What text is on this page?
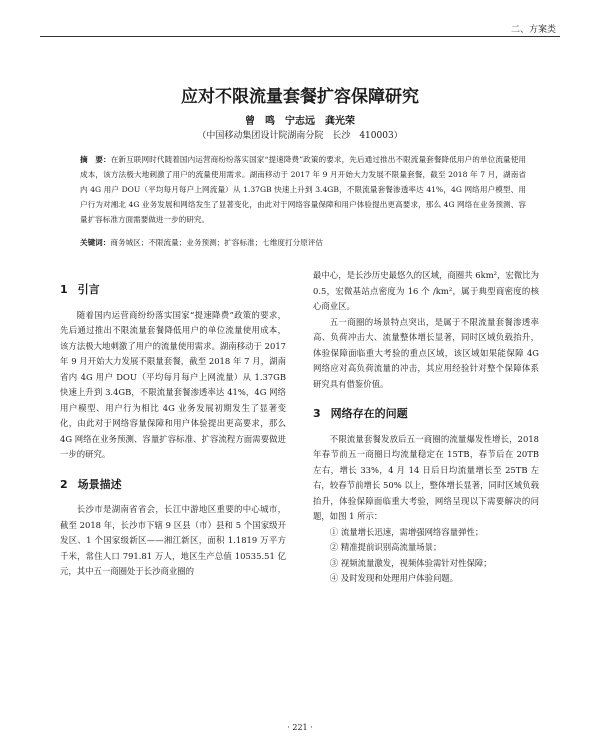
二、方案类
应对不限流量套餐扩容保障研究
曾　鸣　宁志远　龚光荣
（中国移动集团设计院湖南分院　长沙　410003）
摘　要：在新互联网时代随着国内运营商纷纷落实国家“提速降费”政策的要求，先后通过推出不限流量套餐降低用户的单位流量使用成本，该方法极大地刺激了用户的流量使用需求。湖南移动于 2017 年 9 月开始大力发展不限量套餐，截至 2018 年 7 月，湖南省内 4G 用户 DOU（平均每月每户上网流量）从 1.37GB 快速上升到 3.4GB，不限流量套餐渗透率达 41%，4G 网络用户模型、用户行为对湘北 4G 业务发展和网络发生了显著变化，由此对于网络容量保障和用户体验提出更高要求，那么 4G 网络在业务预测、容量扩容标准方面需要做进一步的研究。
关键词：商务城区；不限流量；业务预测；扩容标准；七维度打分原评估
1 引言

随着国内运营商纷纷落实国家“提速降费”政策的要求，先后通过推出不限流量套餐降低用户的单位流量使用成本，该方法极大地刺激了用户的流量使用需求。湖南移动于 2017 年 9 月开始大力发展不限量套餐，截至 2018 年 7 月，湖南省内 4G 用户 DOU（平均每月每户上网流量）从 1.37GB 快速上升到 3.4GB，不限流量套餐渗透率达 41%，4G 网络用户模型、用户行为相比 4G 业务发展初期发生了显著变化，由此对于网络容量保障和用户体验提出更高要求，那么 4G 网络在业务预测、容量扩容标准、扩容流程方面需要做进一步的研究。

2 场景描述

长沙市是湖南省省会，长江中游地区重要的中心城市，截至 2018 年，长沙市下辖 9 区县（市）县和 5 个国家级开发区、1 个国家级新区——湘江新区，面积 1.1819 万平方千米，常住人口 791.81 万人，地区生产总值 10535.51 亿元，其中五一商圈处于长沙商业圈的

最中心，是长沙历史最悠久的区域，商圈共 6km²，宏微比为 0.5，宏微基站点密度为 16 个 /km²，属于典型商密度的核心商业区。

五一商圈的场景特点突出，是属于不限流量套餐渗透率高、负荷冲击大、流量整体增长显著，同时区域负载抬升，体验保障面临重大考验的重点区域，该区域如果能保障 4G 网络应对高负荷流量的冲击，其应用经验针对整个保障体系研究具有借鉴价值。

3 网络存在的问题

不限流量套餐发放后五一商圈的流量爆发性增长，2018 年春节前五一商圈日均流量稳定在 15TB，春节后在 20TB 左右，增长 33%，4 月 14 日后日均流量增长至 25TB 左右，较春节前增长 50% 以上，整体增长显著，同时区域负载抬升，体验保障面临重大考验，网络呈现以下需要解决的问题，如图 1 所示：

① 流量增长迅速，需增强网络容量弹性；

② 精准提前识别高流量场景；

③ 视频流量激发，视频体验需针对性保障；

④ 及时发现和处理用户体验问题。

· 221 ·
